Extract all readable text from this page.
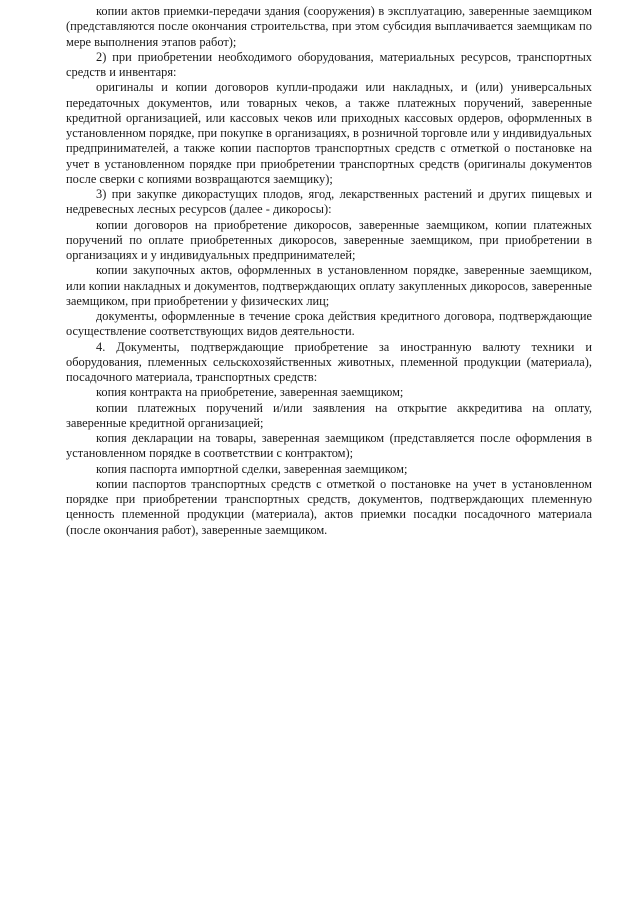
копии актов приемки-передачи здания (сооружения) в эксплуатацию, заверенные заемщиком (представляются после окончания строительства, при этом субсидия выплачивается заемщикам по мере выполнения этапов работ);

2) при приобретении необходимого оборудования, материальных ресурсов, транспортных средств и инвентаря:

оригиналы и копии договоров купли-продажи или накладных, и (или) универсальных передаточных документов, или товарных чеков, а также платежных поручений, заверенные кредитной организацией, или кассовых чеков или приходных кассовых ордеров, оформленных в установленном порядке, при покупке в организациях, в розничной торговле или у индивидуальных предпринимателей, а также копии паспортов транспортных средств с отметкой о постановке на учет в установленном порядке при приобретении транспортных средств (оригиналы документов после сверки с копиями возвращаются заемщику);

3) при закупке дикорастущих плодов, ягод, лекарственных растений и других пищевых и недревесных лесных ресурсов (далее - дикоросы):

копии договоров на приобретение дикоросов, заверенные заемщиком, копии платежных поручений по оплате приобретенных дикоросов, заверенные заемщиком, при приобретении в организациях и у индивидуальных предпринимателей;

копии закупочных актов, оформленных в установленном порядке, заверенные заемщиком, или копии накладных и документов, подтверждающих оплату закупленных дикоросов, заверенные заемщиком, при приобретении у физических лиц;

документы, оформленные в течение срока действия кредитного договора, подтверждающие осуществление соответствующих видов деятельности.

4. Документы, подтверждающие приобретение за иностранную валюту техники и оборудования, племенных сельскохозяйственных животных, племенной продукции (материала), посадочного материала, транспортных средств:

копия контракта на приобретение, заверенная заемщиком;

копии платежных поручений и/или заявления на открытие аккредитива на оплату, заверенные кредитной организацией;

копия декларации на товары, заверенная заемщиком (представляется после оформления в установленном порядке в соответствии с контрактом);

копия паспорта импортной сделки, заверенная заемщиком;

копии паспортов транспортных средств с отметкой о постановке на учет в установленном порядке при приобретении транспортных средств, документов, подтверждающих племенную ценность племенной продукции (материала), актов приемки посадки посадочного материала (после окончания работ), заверенные заемщиком.
